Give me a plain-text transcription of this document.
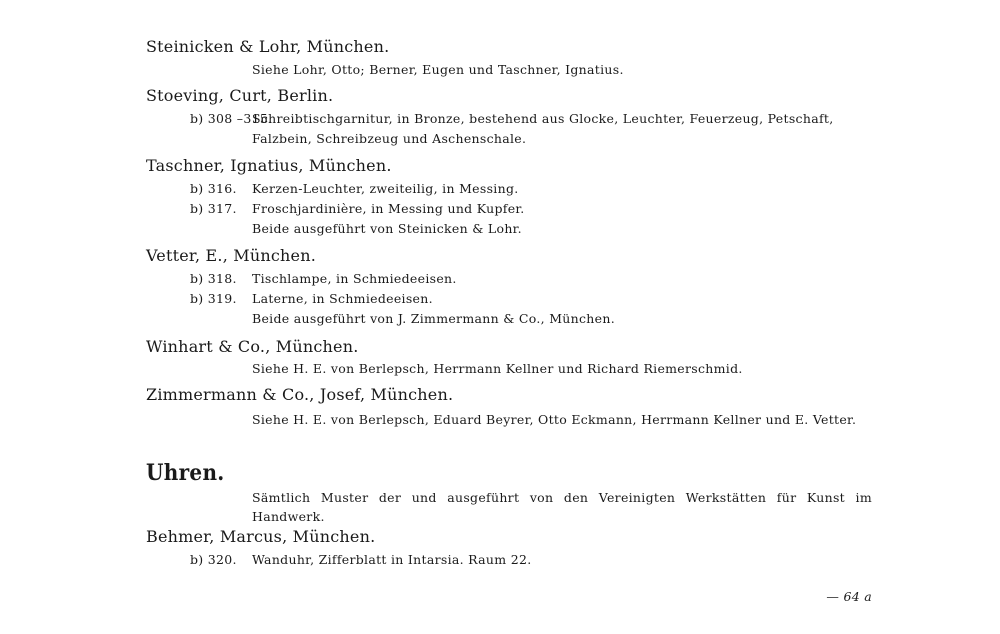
Steinicken & Lohr, München.
Siehe Lohr, Otto; Berner, Eugen und Taschner, Ignatius.
Stoeving, Curt, Berlin.
b) 308 –315.Schreibtischgarnitur, in Bronze, bestehend aus Glocke, Leuchter, Feuerzeug, Petschaft,
Falzbein, Schreibzeug und Aschenschale.
Taschner, Ignatius, München.
b) 316. Kerzen-Leuchter, zweiteilig, in Messing.
b) 317. Froschjardinière, in Messing und Kupfer.
Beide ausgeführt von Steinicken & Lohr.
Vetter, E., München.
b) 318. Tischlampe, in Schmiedeeisen.
b) 319. Laterne, in Schmiedeeisen.
Beide ausgeführt von J. Zimmermann & Co., München.
Winhart & Co., München.
Siehe H. E. von Berlepsch, Herrmann Kellner und Richard Riemerschmid.
Zimmermann & Co., Josef, München.
Siehe H. E. von Berlepsch, Eduard Beyrer, Otto Eckmann, Herrmann Kellner und E. Vetter.
Uhren.
Sämtlich Muster der und ausgeführt von den Vereinigten Werkstätten für Kunst im Handwerk.
Behmer, Marcus, München.
b) 320. Wanduhr, Zifferblatt in Intarsia. Raum 22.
— 64 a
